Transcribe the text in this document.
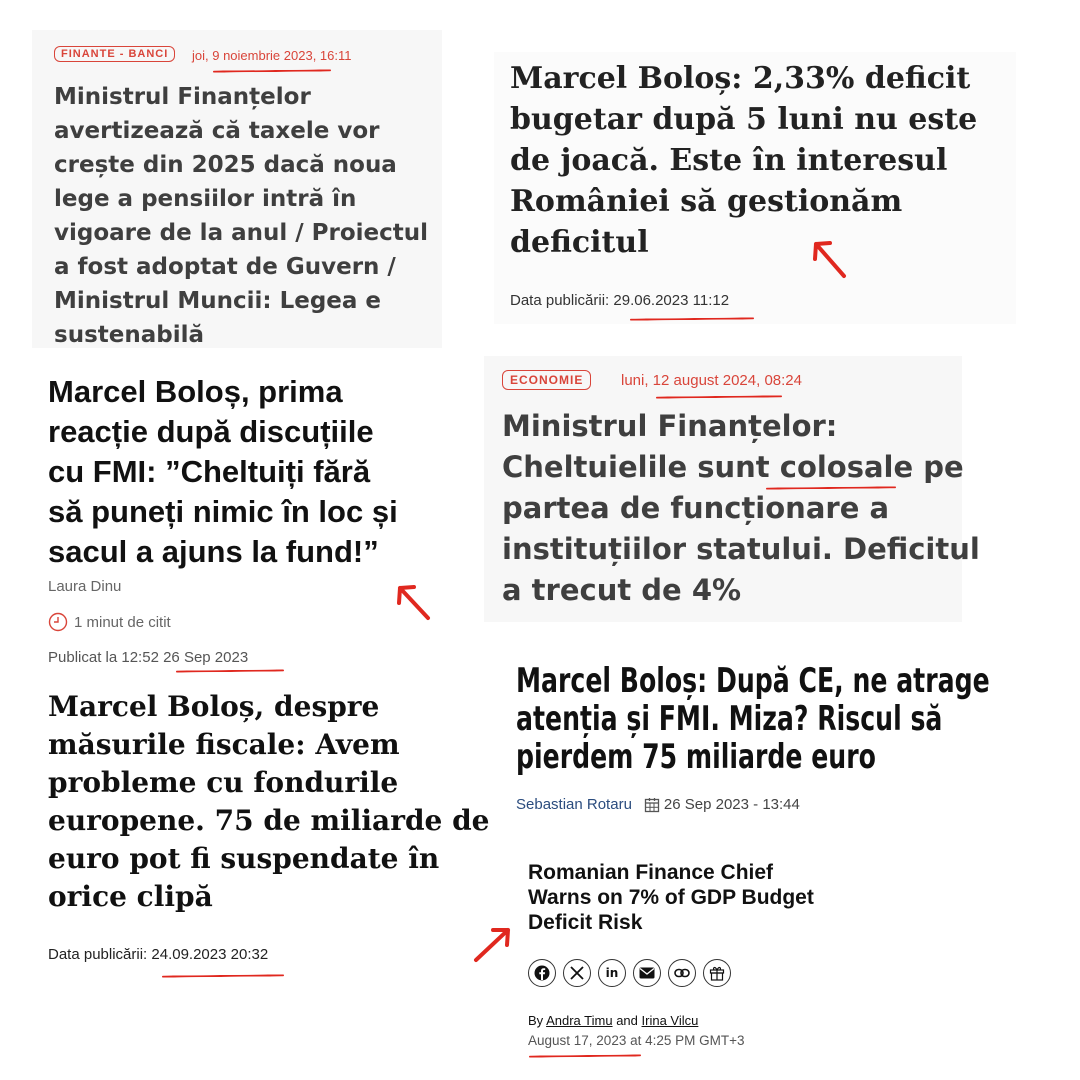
FINANTE - BANCI	joi, 9 noiembrie 2023, 16:11
Ministrul Finanțelor
avertizează că taxele vor
crește din 2025 dacă noua
lege a pensiilor intră în
vigoare de la anul / Proiectul
a fost adoptat de Guvern /
Ministrul Muncii: Legea e
sustenabilă
Marcel Boloș: 2,33% deficit
bugetar după 5 luni nu este
de joacă. Este în interesul
României să gestionăm
deficitul
Data publicării: 29.06.2023 11:12
Marcel Boloș, prima
reacție după discuțiile
cu FMI: ”Cheltuiți fără
să puneți nimic în loc și
sacul a ajuns la fund!”
Laura Dinu
1 minut de citit
Publicat la 12:52 26 Sep 2023
ECONOMIE	luni, 12 august 2024, 08:24
Ministrul Finanțelor:
Cheltuielile sunt colosale pe
partea de funcționare a
instituțiilor statului. Deficitul
a trecut de 4%
Marcel Boloș, despre
măsurile fiscale: Avem
probleme cu fondurile
europene. 75 de miliarde de
euro pot fi suspendate în
orice clipă
Data publicării: 24.09.2023 20:32
Marcel Boloș: După CE, ne atrage
atenția și FMI. Miza? Riscul să
pierdem 75 miliarde euro
Sebastian Rotaru 26 Sep 2023 - 13:44
Romanian Finance Chief
Warns on 7% of GDP Budget
Deficit Risk
in
By Andra Timu and Irina Vilcu
August 17, 2023 at 4:25 PM GMT+3
